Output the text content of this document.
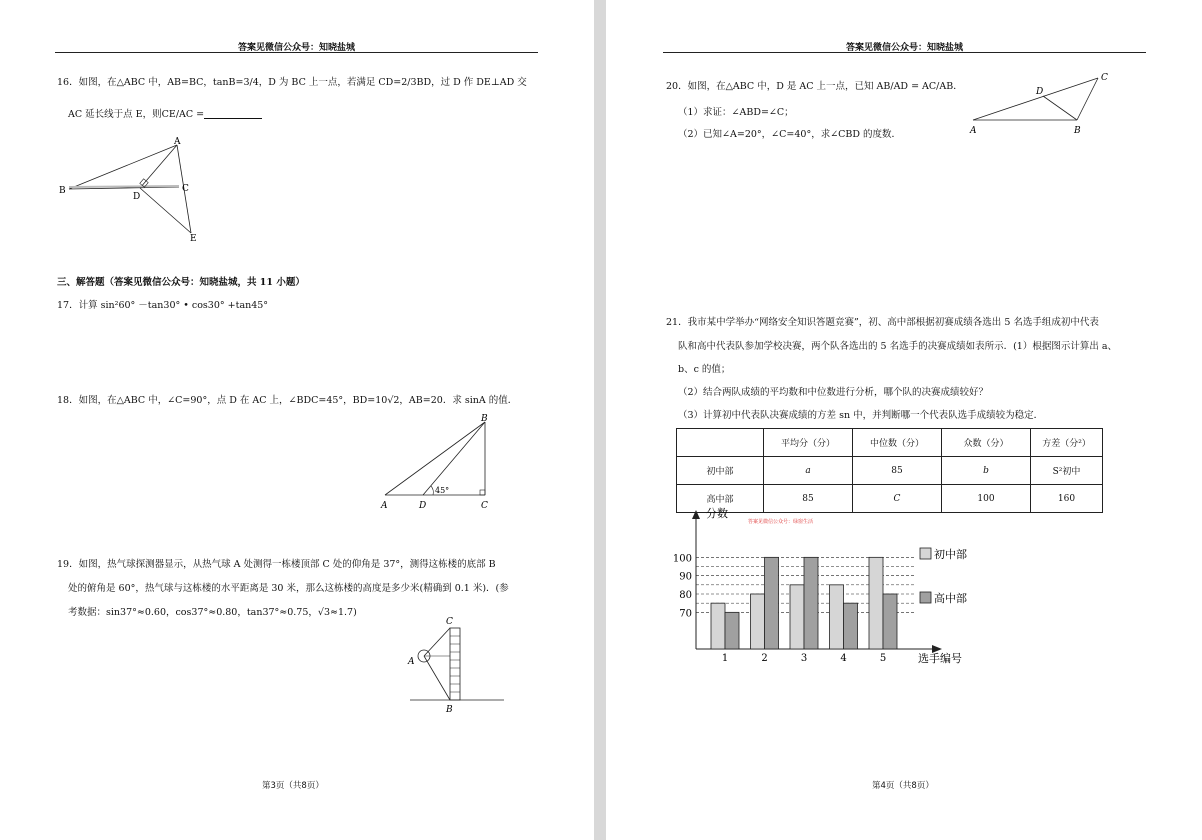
答案见微信公众号：知晓盐城
16．如图，在△ABC 中，AB=BC，tanB=3/4，D 为 BC 上一点，若满足 CD=2/3BD，过 D 作 DE⊥AD 交
AC 延长线于点 E，则CE/AC =
A
B	C
D
E
三、解答题（答案见微信公众号：知晓盐城，共 11 小题）
17．计算 sin²60° －tan30° • cos30° +tan45°
18．如图，在△ABC 中，∠C=90°，点 D 在 AC 上，∠BDC=45°，BD=10√2，AB=20．求 sinA 的值．
B
A	D	C
45°
19．如图，热气球探测器显示，从热气球 A 处测得一栋楼顶部 C 处的仰角是 37°，测得这栋楼的底部 B
处的俯角是 60°，热气球与这栋楼的水平距离是 30 米，那么这栋楼的高度是多少米(精确到 0.1 米)．(参
考数据：sin37°≈0.60，cos37°≈0.80，tan37°≈0.75，√3≈1.7)
C
A
B
第3页（共8页）
答案见微信公众号：知晓盐城
20．如图，在△ABC 中，D 是 AC 上一点，已知 AB/AD = AC/AB．
（1）求证：∠ABD=∠C；
（2）已知∠A=20°，∠C=40°，求∠CBD 的度数．
C
D
A	B
21．我市某中学举办“网络安全知识答题竞赛”，初、高中部根据初赛成绩各选出 5 名选手组成初中代表
队和高中代表队参加学校决赛，两个队各选出的 5 名选手的决赛成绩如表所示．(1）根据图示计算出 a、
b、c 的值；
（2）结合两队成绩的平均数和中位数进行分析，哪个队的决赛成绩较好？
（3）计算初中代表队决赛成绩的方差 sn 中，并判断哪一个代表队选手成绩较为稳定．
	平均分（分）	中位数（分）	众数（分）	方差（分²）
初中部	a	85	b	S²初中
高中部	85	C	100	160
分数
选手编号
答案见微信公众号：绿窗生活
70
80
90
100
1	2	3	4	5
初中部
高中部
第4页（共8页）
